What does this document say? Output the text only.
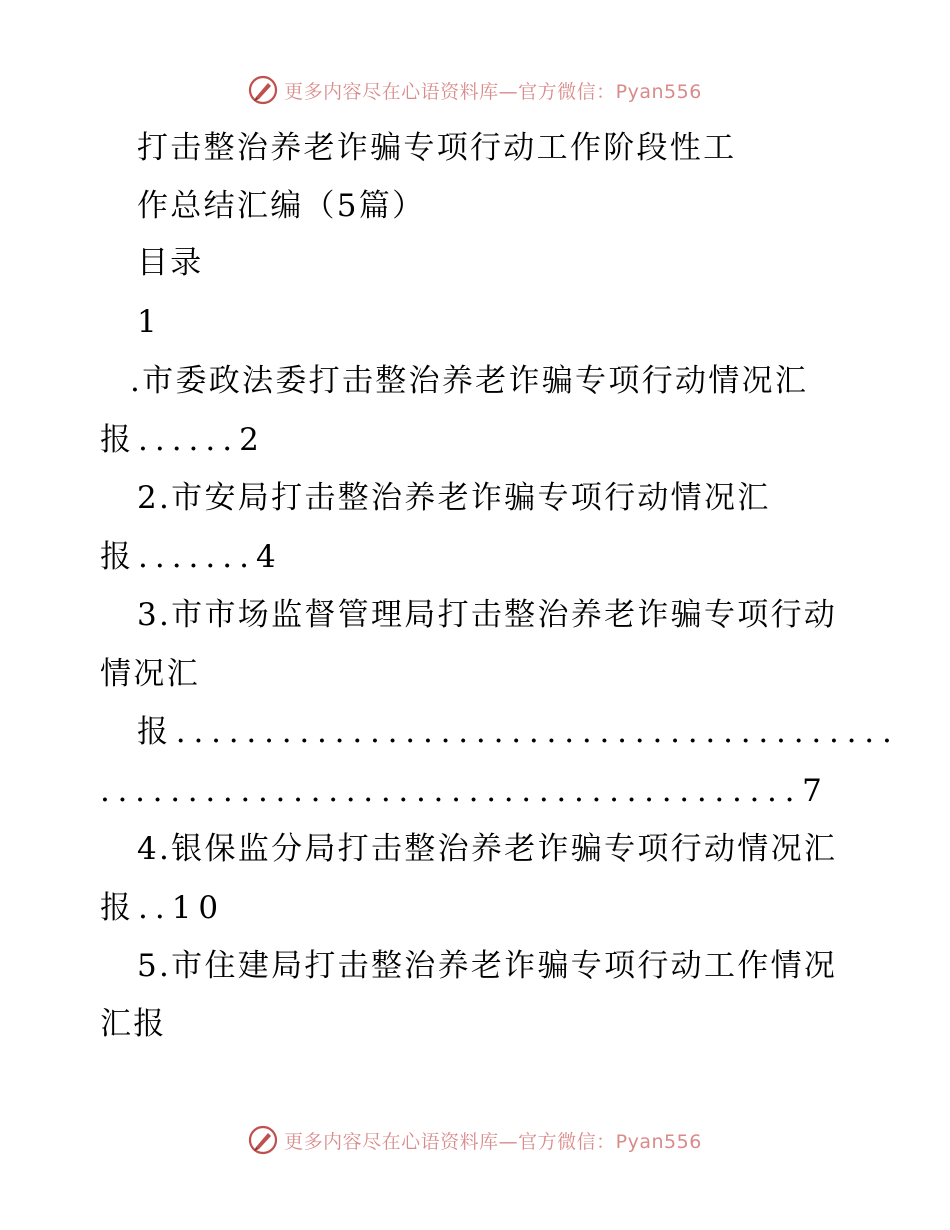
更多内容尽在心语资料库—官方微信：Pyan556
打击整治养老诈骗专项行动工作阶段性工
作总结汇编（5篇）
目录
1
.市委政法委打击整治养老诈骗专项行动情况汇
报......2
2.市安局打击整治养老诈骗专项行动情况汇
报.......4
3.市市场监督管理局打击整治养老诈骗专项行动
情况汇
报.........................................
........................................7
4.银保监分局打击整治养老诈骗专项行动情况汇
报..10
5.市住建局打击整治养老诈骗专项行动工作情况
汇报
更多内容尽在心语资料库—官方微信：Pyan556
